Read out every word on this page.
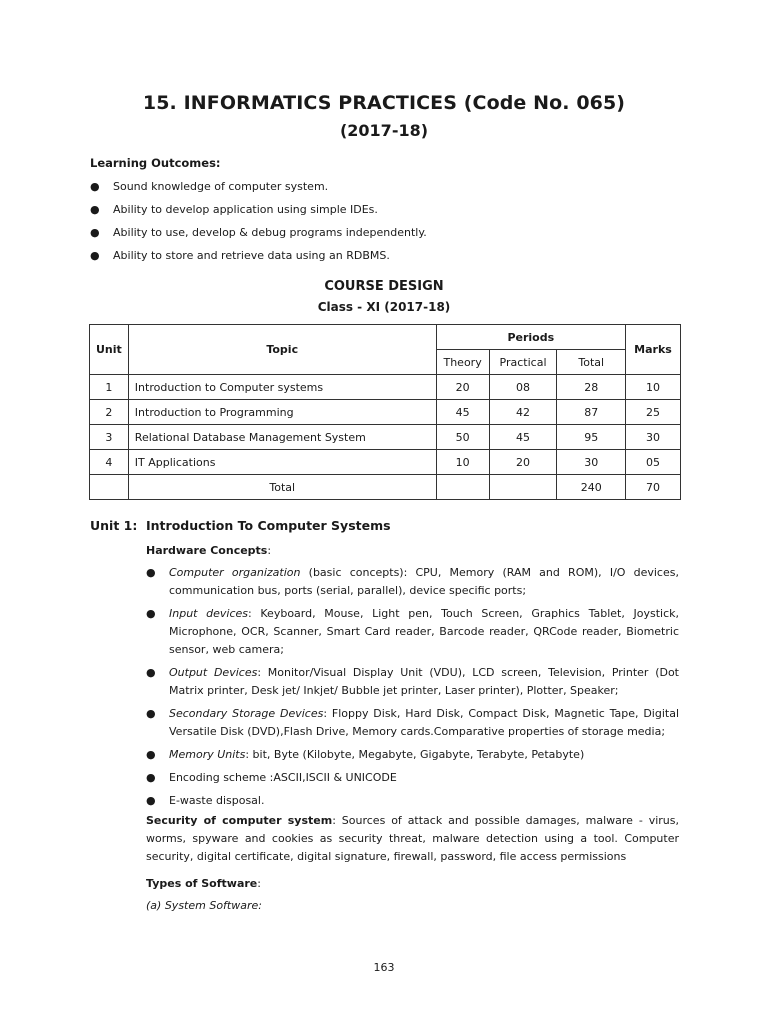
15. INFORMATICS PRACTICES (Code No. 065)
(2017-18)
Learning Outcomes:
● Sound knowledge of computer system.
● Ability to develop application using simple IDEs.
● Ability to use, develop & debug programs independently.
● Ability to store and retrieve data using an RDBMS.
COURSE DESIGN
Class - XI (2017-18)
Unit	Topic	Periods			Marks
		Theory	Practical	Total	
1	Introduction to Computer systems	20	08	28	10
2	Introduction to Programming	45	42	87	25
3	Relational Database Management System	50	45	95	30
4	IT Applications	10	20	30	05
	Total			240	70
Unit 1: Introduction To Computer Systems
Hardware Concepts:
● Computer organization (basic concepts): CPU, Memory (RAM and ROM), I/O devices, communication bus, ports (serial, parallel), device specific ports;
● Input devices: Keyboard, Mouse, Light pen, Touch Screen, Graphics Tablet, Joystick, Microphone, OCR, Scanner, Smart Card reader, Barcode reader, QRCode reader, Biometric sensor, web camera;
● Output Devices: Monitor/Visual Display Unit (VDU), LCD screen, Television, Printer (Dot Matrix printer, Desk jet/ Inkjet/ Bubble jet printer, Laser printer), Plotter, Speaker;
● Secondary Storage Devices: Floppy Disk, Hard Disk, Compact Disk, Magnetic Tape, Digital Versatile Disk (DVD),Flash Drive, Memory cards.Comparative properties of storage media;
● Memory Units: bit, Byte (Kilobyte, Megabyte, Gigabyte, Terabyte, Petabyte)
● Encoding scheme :ASCII,ISCII & UNICODE
● E-waste disposal.
Security of computer system: Sources of attack and possible damages, malware - virus, worms, spyware and cookies as security threat, malware detection using a tool. Computer security, digital certificate, digital signature, firewall, password, file access permissions
Types of Software:
(a) System Software:
163
